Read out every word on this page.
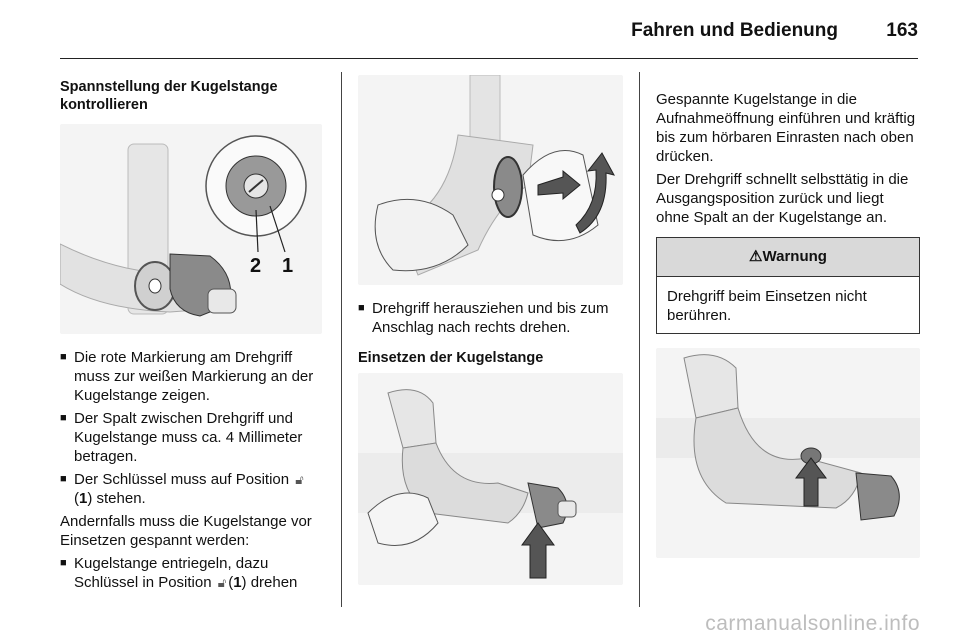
Fahren und Bedienung	163
Spannstellung der Kugelstange kontrollieren
2 1
■ Die rote Markierung am Drehgriff muss zur weißen Markierung an der Kugelstange zeigen.
■ Der Spalt zwischen Drehgriff und Kugelstange muss ca. 4 Millimeter betragen.
■ Der Schlüssel muss auf Position 🔓︎
(1) stehen.

Andernfalls muss die Kugelstange vor Einsetzen gespannt werden:

■ Kugelstange entriegeln, dazu Schlüssel in Position 🔓︎ (1) drehen
■ Drehgriff herausziehen und bis zum Anschlag nach rechts drehen.
Einsetzen der Kugelstange

Gespannte Kugelstange in die Aufnahmeöffnung einführen und kräftig bis zum hörbaren Einrasten nach oben drücken.

Der Drehgriff schnellt selbsttätig in die Ausgangsposition zurück und liegt ohne Spalt an der Kugelstange an.

⚠︎Warnung
Drehgriff beim Einsetzen nicht berühren.
carmanualsonline.info
